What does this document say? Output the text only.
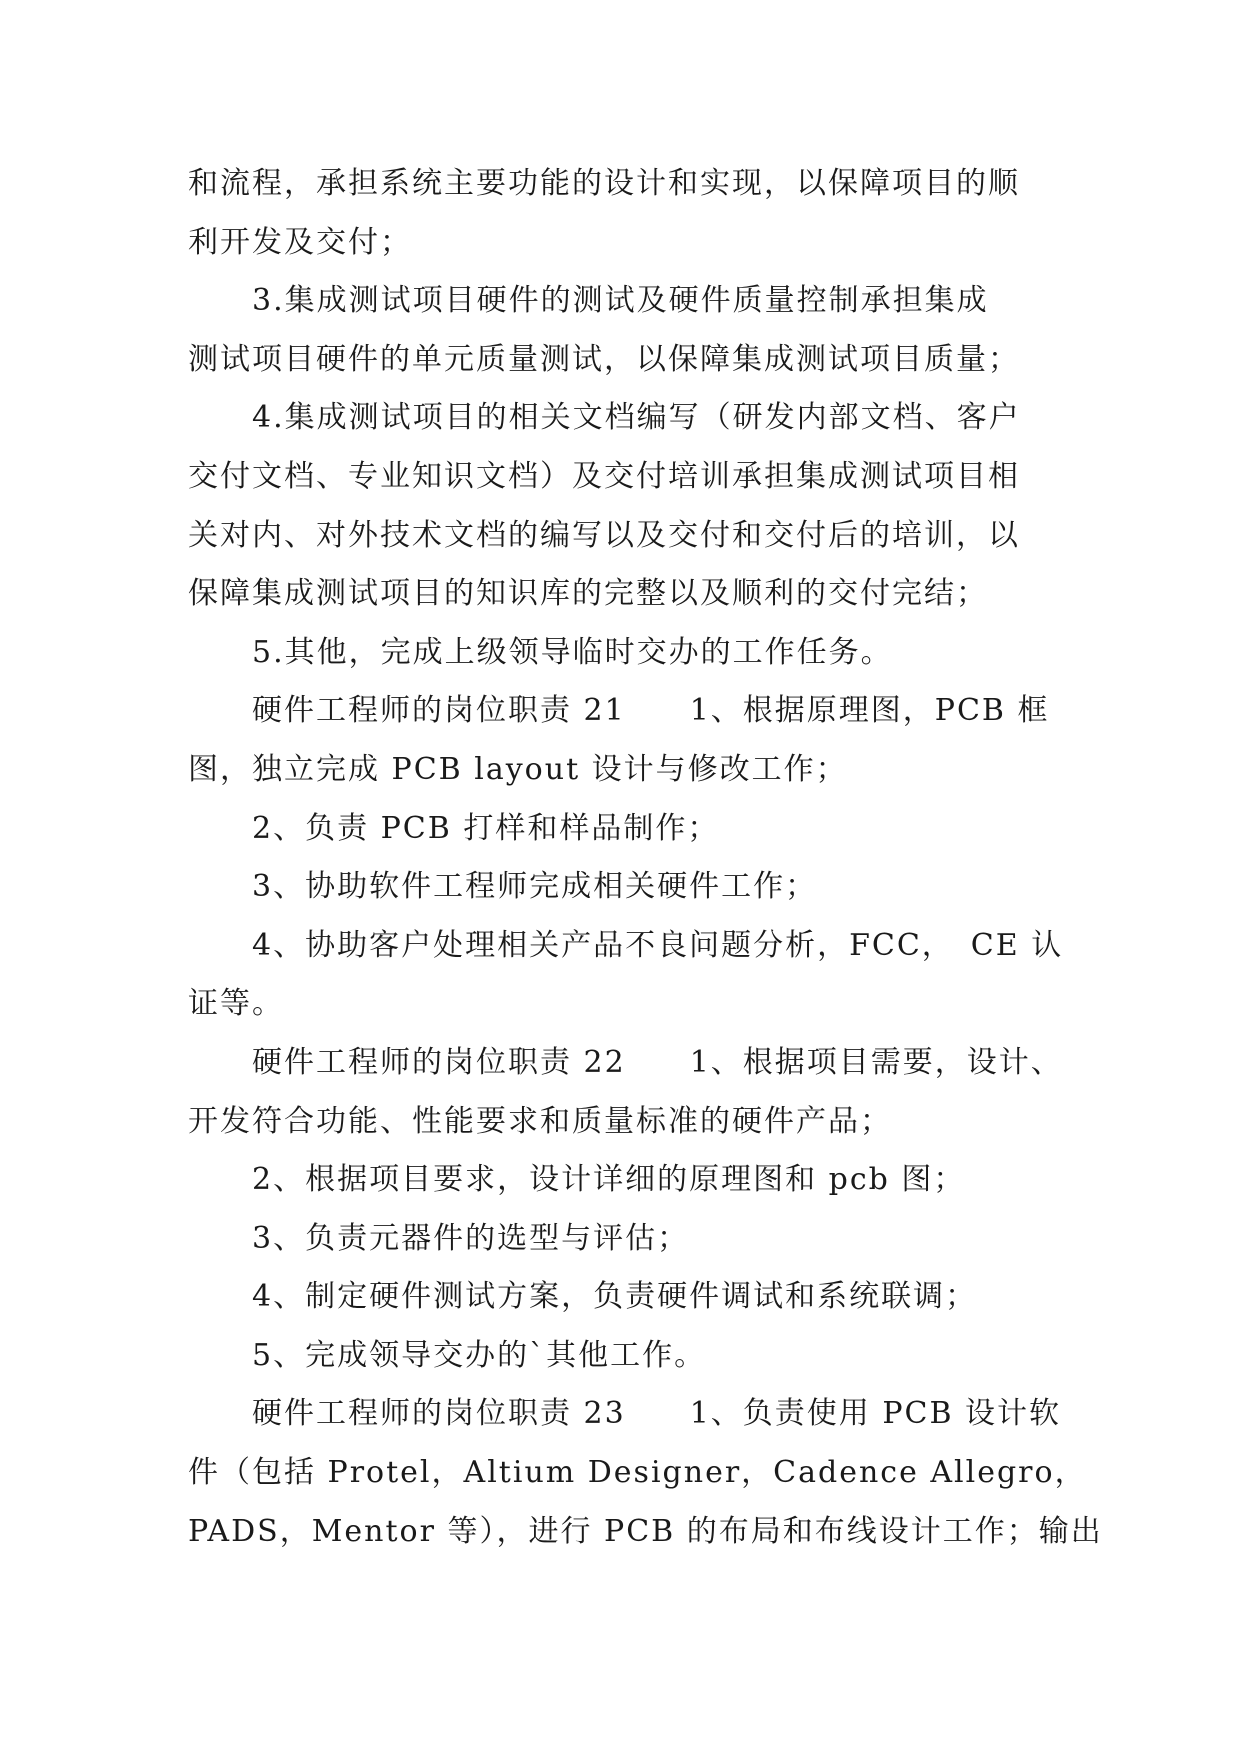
和流程，承担系统主要功能的设计和实现，以保障项目的顺
利开发及交付；
3.集成测试项目硬件的测试及硬件质量控制承担集成
测试项目硬件的单元质量测试，以保障集成测试项目质量；
4.集成测试项目的相关文档编写（研发内部文档、客户
交付文档、专业知识文档）及交付培训承担集成测试项目相
关对内、对外技术文档的编写以及交付和交付后的培训，以
保障集成测试项目的知识库的完整以及顺利的交付完结；
5.其他，完成上级领导临时交办的工作任务。
硬件工程师的岗位职责 21　　1、根据原理图，PCB 框
图，独立完成 PCB layout 设计与修改工作；
2、负责 PCB 打样和样品制作；
3、协助软件工程师完成相关硬件工作；
4、协助客户处理相关产品不良问题分析，FCC，　CE 认
证等。
硬件工程师的岗位职责 22　　1、根据项目需要，设计、
开发符合功能、性能要求和质量标准的硬件产品；
2、根据项目要求，设计详细的原理图和 pcb 图；
3、负责元器件的选型与评估；
4、制定硬件测试方案，负责硬件调试和系统联调；
5、完成领导交办的`其他工作。
硬件工程师的岗位职责 23　　1、负责使用 PCB 设计软
件（包括 Protel，Altium Designer，Cadence Allegro，
PADS，Mentor 等），进行 PCB 的布局和布线设计工作；输出
